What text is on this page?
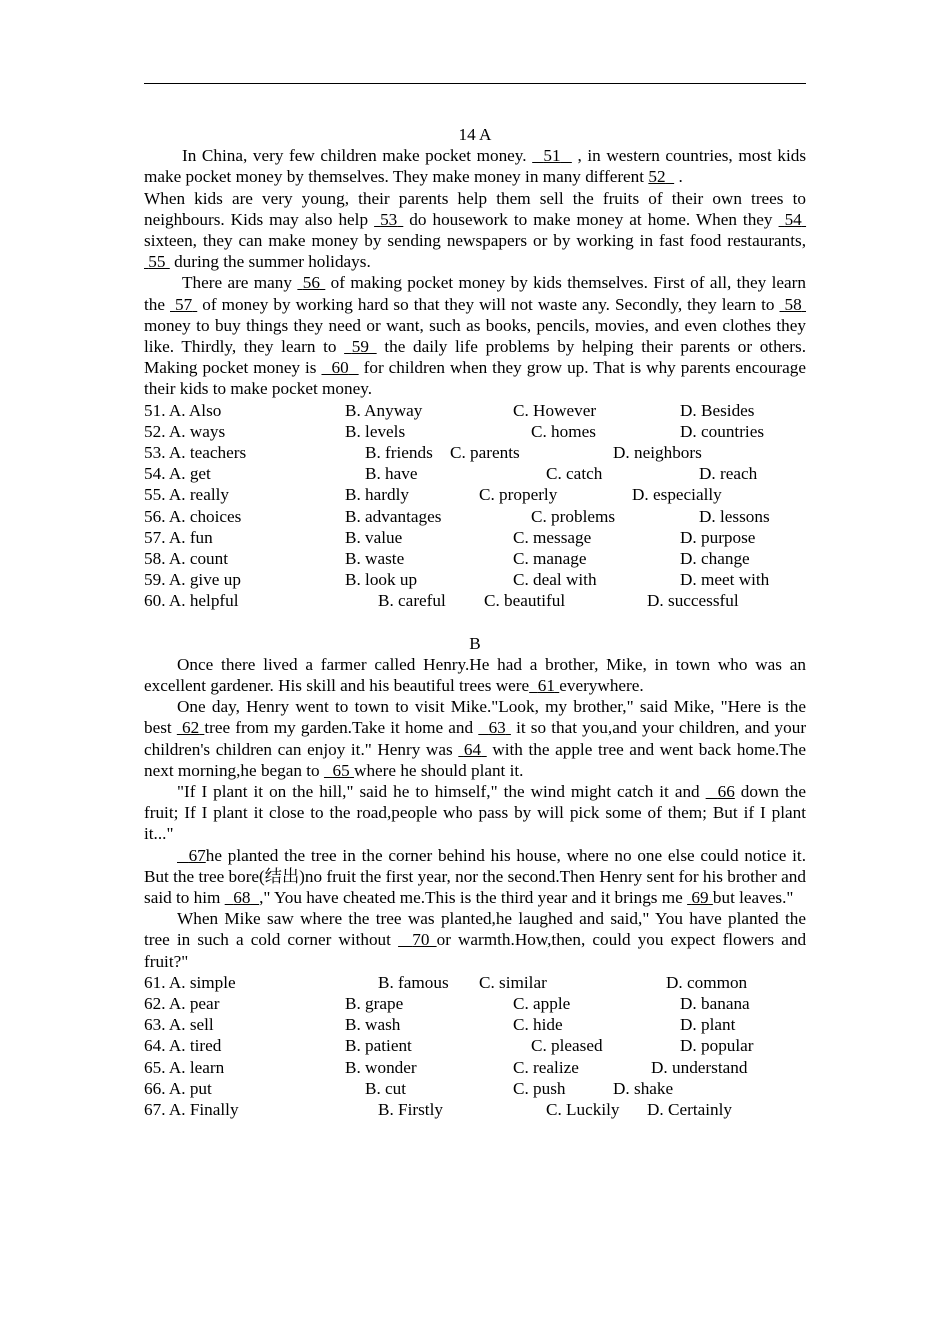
14 A

In China, very few children make pocket money.   51   , in western countries, most kids make pocket money by themselves. They make money in many different 52   .

When kids are very young, their parents help them sell the fruits of their own trees to neighbours. Kids may also help  53  do housework to make money at home. When they  54  sixteen, they can make money by sending newspapers or by working in fast food restaurants,  55  during the summer holidays.

There are many  56  of making pocket money by kids themselves. First of all, they learn the  57  of money by working hard so that they will not waste any. Secondly, they learn to  58  money to buy things they need or want, such as books, pencils, movies, and even clothes they like. Thirdly, they learn to  59  the daily life problems by helping their parents or others. Making pocket money is   60   for children when they grow up. That is why parents encourage their kids to make pocket money.

51. A. Also	B. Anyway	C. However	D. Besides
52. A. ways	B. levels	C. homes	D. countries
53. A. teachers	B. friends C. parents	D. neighbors
54. A. get	B. have	C. catch	D. reach
55. A. really	B. hardly	C. properly	D. especially
56. A. choices	B. advantages	C. problems	D. lessons
57. A. fun	B. value	C. message	D. purpose
58. A. count	B. waste	C. manage	D. change
59. A. give up	B. look up	C. deal with	D. meet with
60. A. helpful	B. careful C. beautiful	D. successful
B

Once there lived a farmer called Henry.He had a brother, Mike, in town who was an excellent gardener. His skill and his beautiful trees were 61 everywhere.

One day, Henry went to town to visit Mike."Look, my brother," said Mike, "Here is the best  62 tree from my garden.Take it home and   63  it so that you,and your children, and your children's children can enjoy it." Henry was  64  with the apple tree and went back home.The next morning,he began to   65 where he should plant it.

"If I plant it on the hill," said he to himself," the wind might catch it and   66 down the fruit; If I plant it close to the road,people who pass by will pick some of them; But if I plant it..."

67he planted the tree in the corner behind his house, where no one else could notice it. But the tree bore(结出)no fruit the first year, nor the second.Then Henry sent for his brother and said to him   68 ," You have cheated me.This is the third year and it brings me  69 but leaves."

When Mike saw where the tree was planted,he laughed and said," You have planted the tree in such a cold corner without   70 or warmth.How,then, could you expect flowers and fruit?"

61. A. simple	B. famous C. similar	D. common
62. A. pear	B. grape	C. apple	D. banana
63. A. sell	B. wash	C. hide	D. plant
64. A. tired	B. patient	C. pleased	D. popular
65. A. learn	B. wonder	C. realize	D. understand
66. A. put	B. cut	C. push	D. shake
67. A. Finally	B. Firstly	C. Luckily D. Certainly
